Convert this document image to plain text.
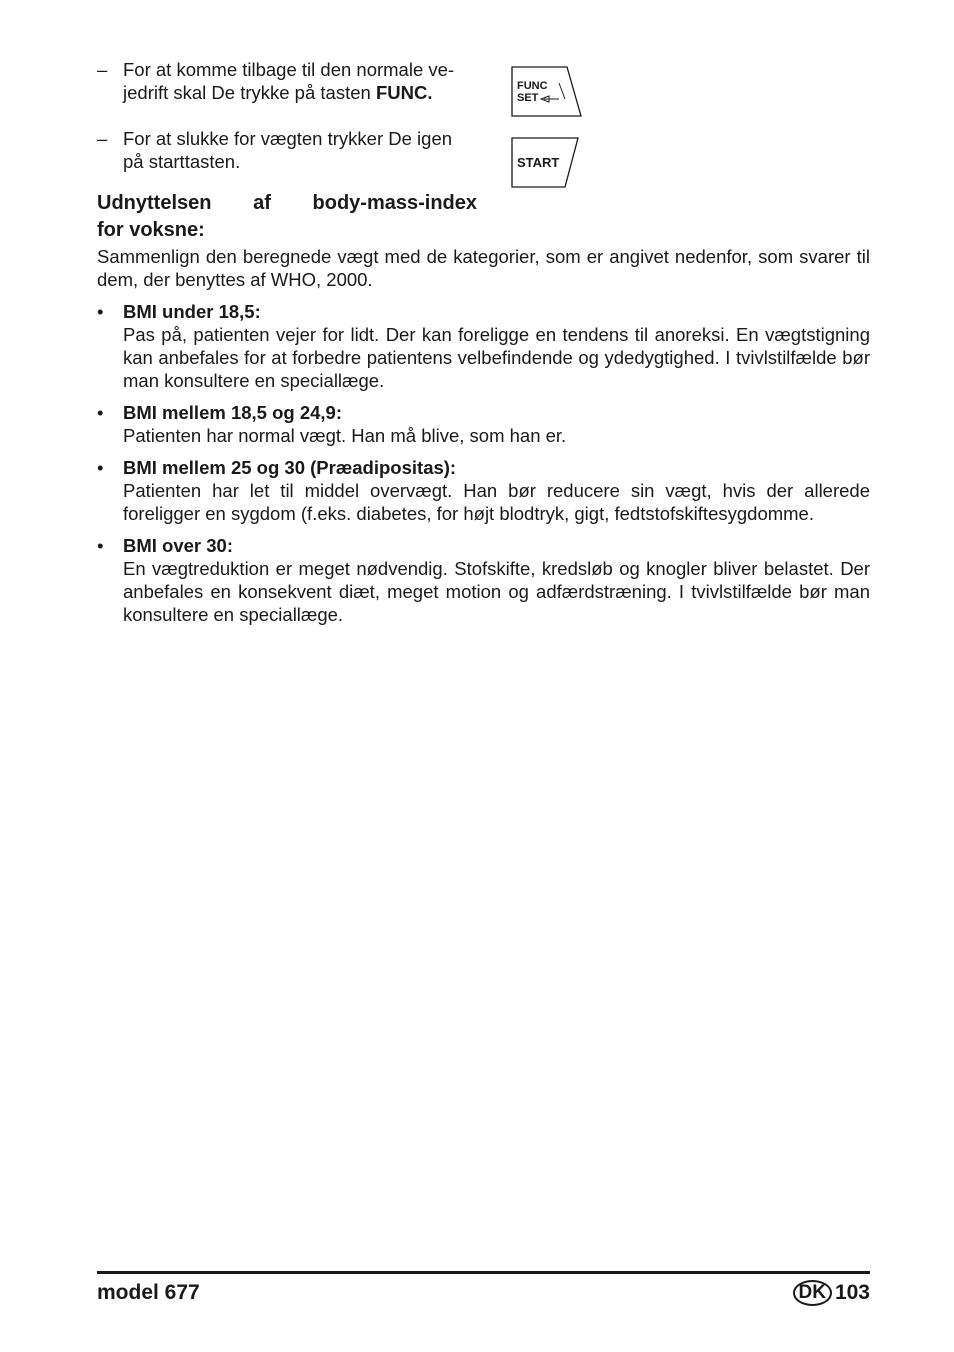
– For at komme tilbage til den normale ve-jedrift skal De trykke på tasten FUNC.
– For at slukke for vægten trykker De igen på starttasten.
FUNC
SET
START
Udnyttelsen af body-mass-index
for voksne:
Sammenlign den beregnede vægt med de kategorier, som er angivet nedenfor, som svarer til dem, der benyttes af WHO, 2000.
• BMI under 18,5:
Pas på, patienten vejer for lidt. Der kan foreligge en tendens til anoreksi. En vægtstigning kan anbefales for at forbedre patientens velbefindende og ydedygtighed. I tvivlstilfælde bør man konsultere en speciallæge.
• BMI mellem 18,5 og 24,9:
Patienten har normal vægt. Han må blive, som han er.
• BMI mellem 25 og 30 (Præadipositas):
Patienten har let til middel overvægt. Han bør reducere sin vægt, hvis der allerede foreligger en sygdom (f.eks. diabetes, for højt blodtryk, gigt, fedtstofskiftesygdomme.
• BMI over 30:
En vægtreduktion er meget nødvendig. Stofskifte, kredsløb og knogler bliver belastet. Der anbefales en konsekvent diæt, meget motion og adfærdstræning. I tvivlstilfælde bør man konsultere en speciallæge.
model 677	DK 103
